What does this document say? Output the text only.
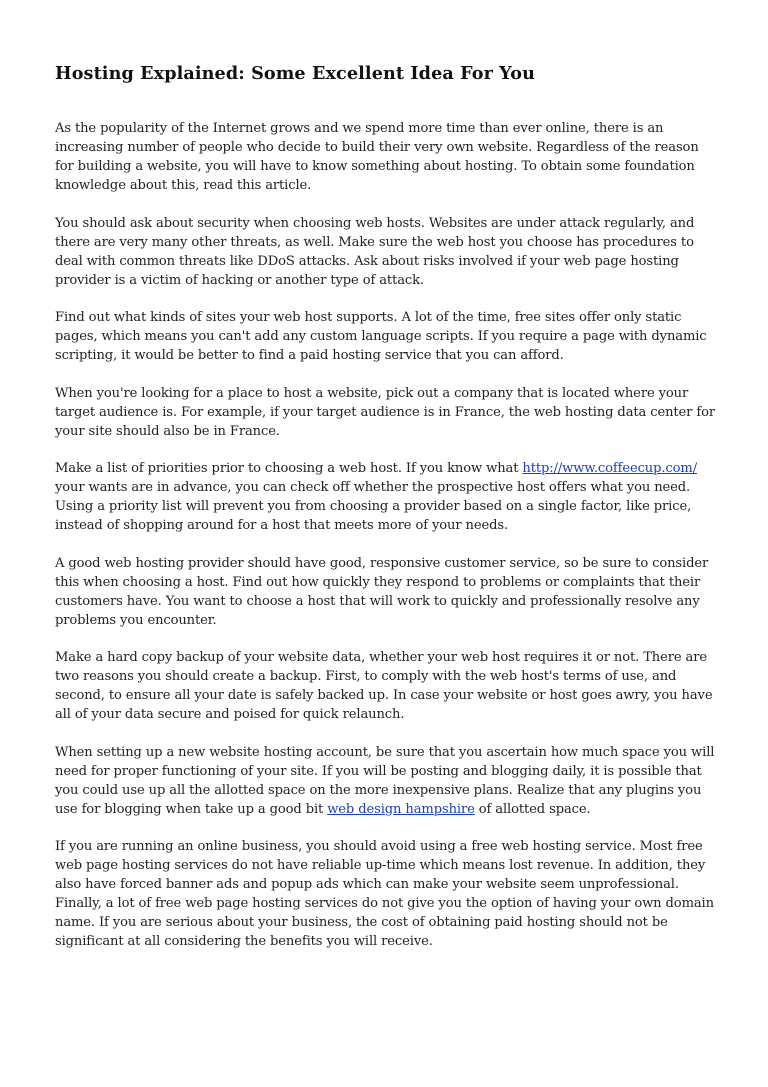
Hosting Explained: Some Excellent Idea For You

As the popularity of the Internet grows and we spend more time than ever online, there is an increasing number of people who decide to build their very own website. Regardless of the reason for building a website, you will have to know something about hosting. To obtain some foundation knowledge about this, read this article.

You should ask about security when choosing web hosts. Websites are under attack regularly, and there are very many other threats, as well. Make sure the web host you choose has procedures to deal with common threats like DDoS attacks. Ask about risks involved if your web page hosting provider is a victim of hacking or another type of attack.

Find out what kinds of sites your web host supports. A lot of the time, free sites offer only static pages, which means you can't add any custom language scripts. If you require a page with dynamic scripting, it would be better to find a paid hosting service that you can afford.

When you're looking for a place to host a website, pick out a company that is located where your target audience is. For example, if your target audience is in France, the web hosting data center for your site should also be in France.

Make a list of priorities prior to choosing a web host. If you know what http://www.coffeecup.com/ your wants are in advance, you can check off whether the prospective host offers what you need. Using a priority list will prevent you from choosing a provider based on a single factor, like price, instead of shopping around for a host that meets more of your needs.

A good web hosting provider should have good, responsive customer service, so be sure to consider this when choosing a host. Find out how quickly they respond to problems or complaints that their customers have. You want to choose a host that will work to quickly and professionally resolve any problems you encounter.

Make a hard copy backup of your website data, whether your web host requires it or not. There are two reasons you should create a backup. First, to comply with the web host's terms of use, and second, to ensure all your date is safely backed up. In case your website or host goes awry, you have all of your data secure and poised for quick relaunch.

When setting up a new website hosting account, be sure that you ascertain how much space you will need for proper functioning of your site. If you will be posting and blogging daily, it is possible that you could use up all the allotted space on the more inexpensive plans. Realize that any plugins you use for blogging when take up a good bit web design hampshire of allotted space.

If you are running an online business, you should avoid using a free web hosting service. Most free web page hosting services do not have reliable up-time which means lost revenue. In addition, they also have forced banner ads and popup ads which can make your website seem unprofessional. Finally, a lot of free web page hosting services do not give you the option of having your own domain name. If you are serious about your business, the cost of obtaining paid hosting should not be significant at all considering the benefits you will receive.
